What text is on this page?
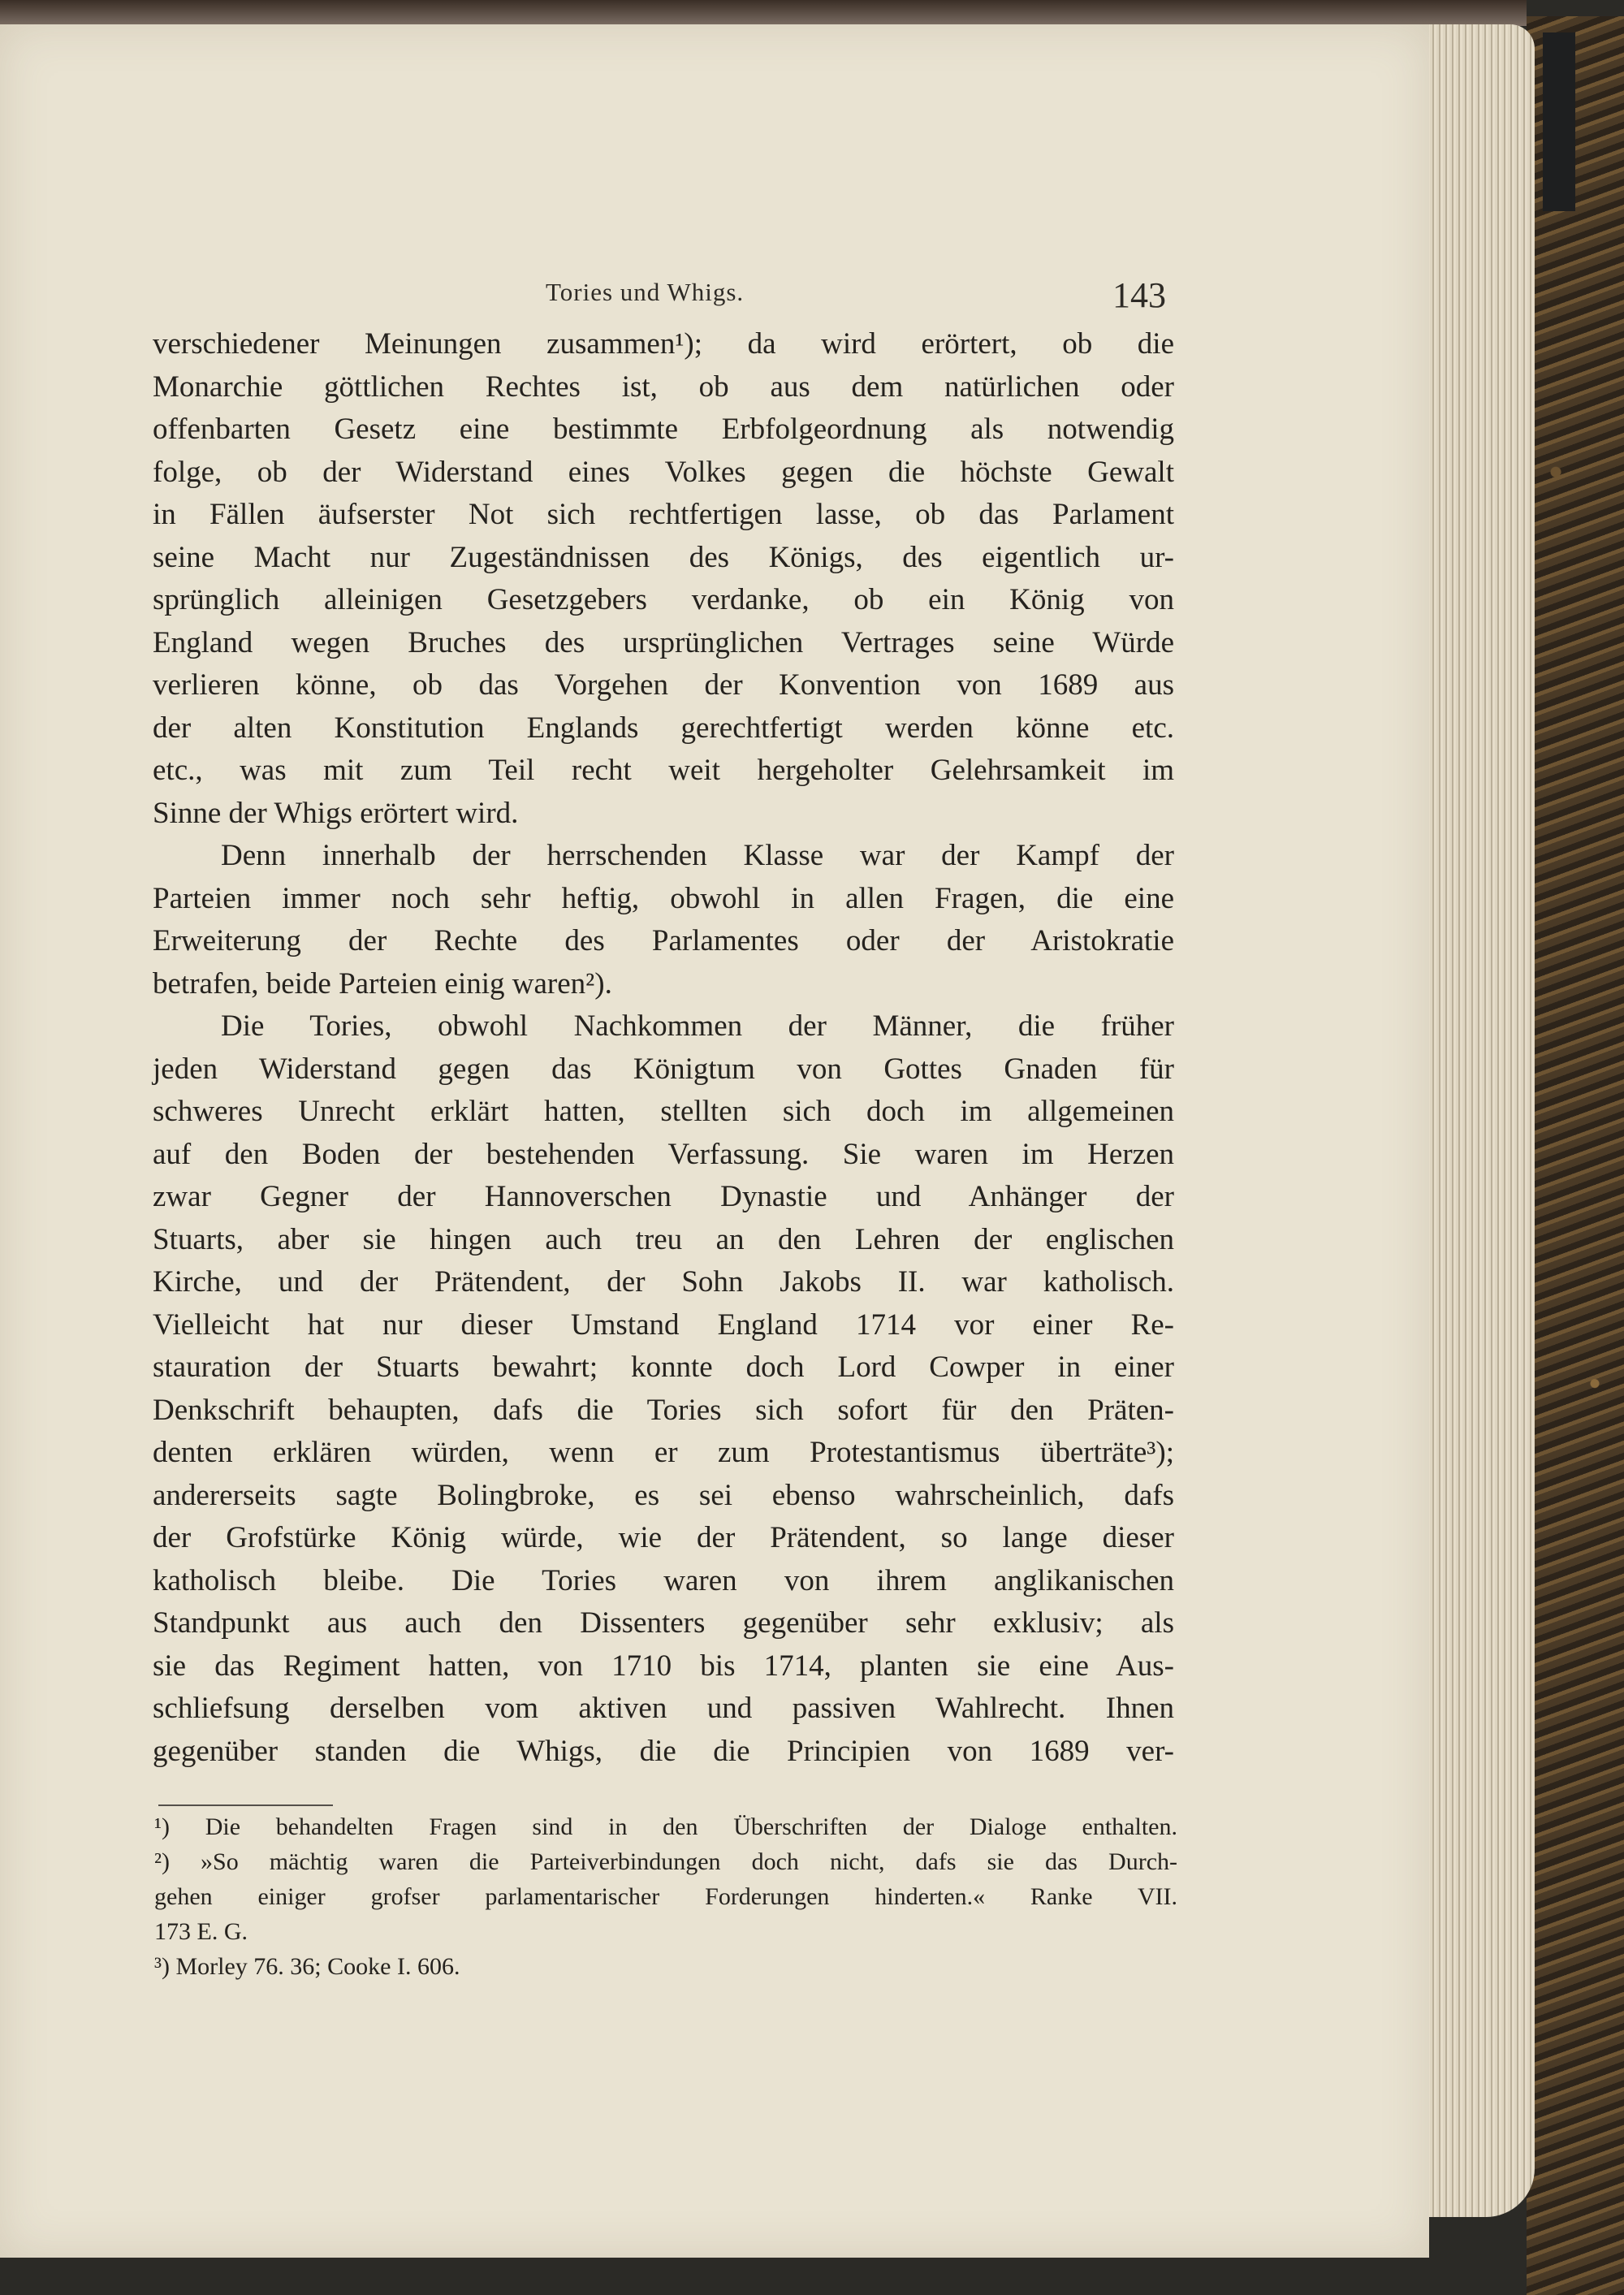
Tories und Whigs.	143
verschiedener Meinungen zusammen¹); da wird erörtert, ob die
Monarchie göttlichen Rechtes ist, ob aus dem natürlichen oder
offenbarten Gesetz eine bestimmte Erbfolgeordnung als notwendig
folge, ob der Widerstand eines Volkes gegen die höchste Gewalt
in Fällen äufserster Not sich rechtfertigen lasse, ob das Parlament
seine Macht nur Zugeständnissen des Königs, des eigentlich ur-
sprünglich alleinigen Gesetzgebers verdanke, ob ein König von
England wegen Bruches des ursprünglichen Vertrages seine Würde
verlieren könne, ob das Vorgehen der Konvention von 1689 aus
der alten Konstitution Englands gerechtfertigt werden könne etc.
etc., was mit zum Teil recht weit hergeholter Gelehrsamkeit im
Sinne der Whigs erörtert wird.
Denn innerhalb der herrschenden Klasse war der Kampf der
Parteien immer noch sehr heftig, obwohl in allen Fragen, die eine
Erweiterung der Rechte des Parlamentes oder der Aristokratie
betrafen, beide Parteien einig waren²).
Die Tories, obwohl Nachkommen der Männer, die früher
jeden Widerstand gegen das Königtum von Gottes Gnaden für
schweres Unrecht erklärt hatten, stellten sich doch im allgemeinen
auf den Boden der bestehenden Verfassung. Sie waren im Herzen
zwar Gegner der Hannoverschen Dynastie und Anhänger der
Stuarts, aber sie hingen auch treu an den Lehren der englischen
Kirche, und der Prätendent, der Sohn Jakobs II. war katholisch.
Vielleicht hat nur dieser Umstand England 1714 vor einer Re-
stauration der Stuarts bewahrt; konnte doch Lord Cowper in einer
Denkschrift behaupten, dafs die Tories sich sofort für den Präten-
denten erklären würden, wenn er zum Protestantismus überträte³);
andererseits sagte Bolingbroke, es sei ebenso wahrscheinlich, dafs
der Grofstürke König würde, wie der Prätendent, so lange dieser
katholisch bleibe. Die Tories waren von ihrem anglikanischen
Standpunkt aus auch den Dissenters gegenüber sehr exklusiv; als
sie das Regiment hatten, von 1710 bis 1714, planten sie eine Aus-
schliefsung derselben vom aktiven und passiven Wahlrecht. Ihnen
gegenüber standen die Whigs, die die Principien von 1689 ver-
¹) Die behandelten Fragen sind in den Überschriften der Dialoge enthalten.
²) »So mächtig waren die Parteiverbindungen doch nicht, dafs sie das Durch-
gehen einiger grofser parlamentarischer Forderungen hinderten.« Ranke VII.
173 E. G.
³) Morley 76. 36; Cooke I. 606.
